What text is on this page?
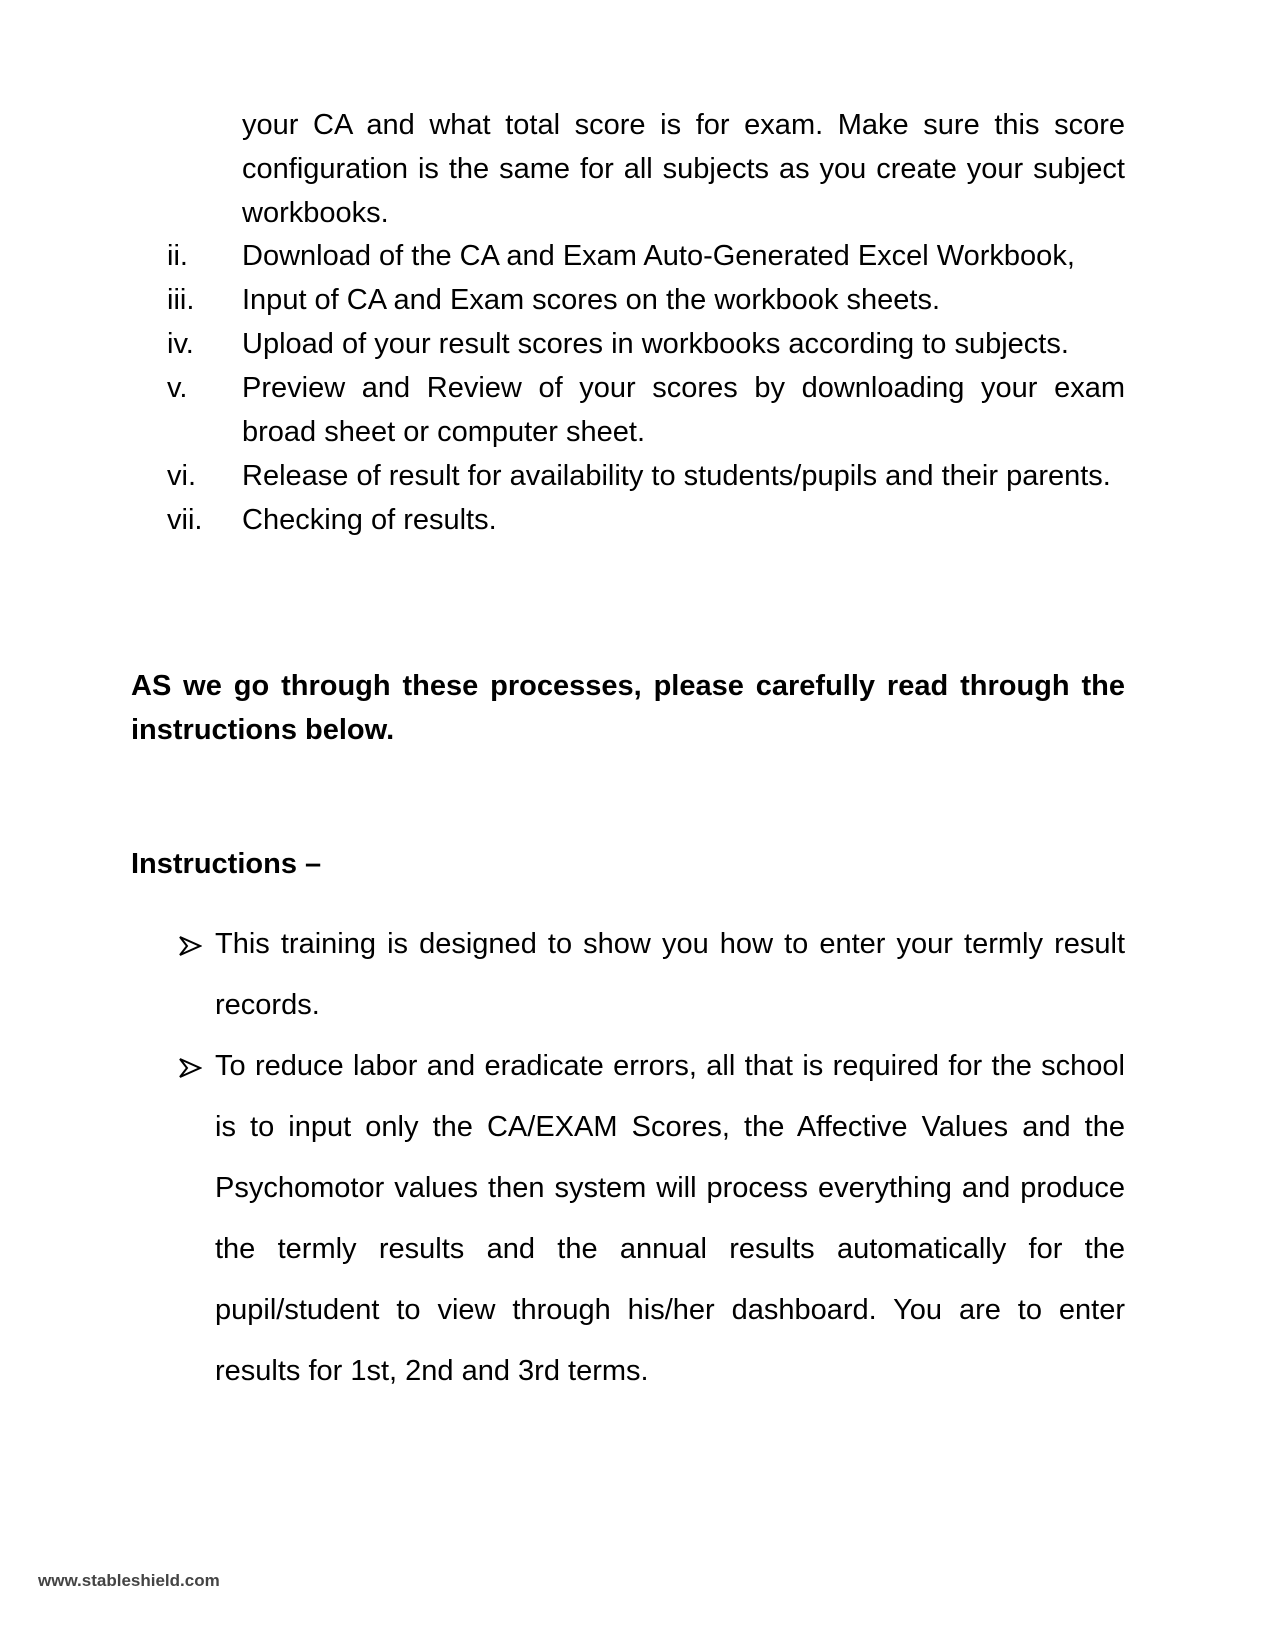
your CA and what total score is for exam. Make sure this score configuration is the same for all subjects as you create your subject workbooks.

ii.	Download of the CA and Exam Auto-Generated Excel Workbook,
iii.	Input of CA and Exam scores on the workbook sheets.
iv.	Upload of your result scores in workbooks according to subjects.
v.	Preview and Review of your scores by downloading your exam broad sheet or computer sheet.
vi.	Release of result for availability to students/pupils and their parents.
vii.	Checking of results.

AS we go through these processes, please carefully read through the instructions below.

Instructions –
This training is designed to show you how to enter your termly result records.
To reduce labor and eradicate errors, all that is required for the school is to input only the CA/EXAM Scores, the Affective Values and the Psychomotor values then system will process everything and produce the termly results and the annual results automatically for the pupil/student to view through his/her dashboard. You are to enter results for 1st, 2nd and 3rd terms.
www.stableshield.com
